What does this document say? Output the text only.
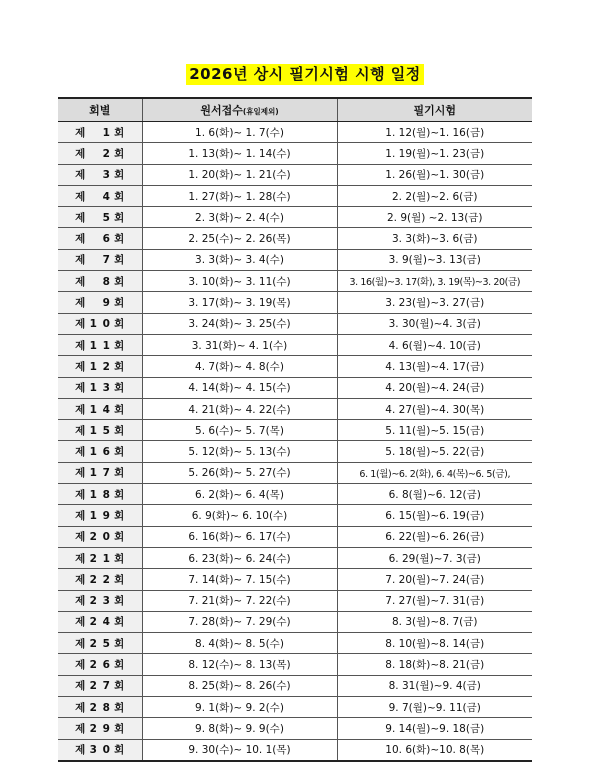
2026년 상시 필기시험 시행 일정
회별	원서접수(휴일제외)	필기시험
제 1 회	1. 6(화)~ 1. 7(수)	1. 12(월)~1. 16(금)
제 2 회	1. 13(화)~ 1. 14(수)	1. 19(월)~1. 23(금)
제 3 회	1. 20(화)~ 1. 21(수)	1. 26(월)~1. 30(금)
제 4 회	1. 27(화)~ 1. 28(수)	2. 2(월)~2. 6(금)
제 5 회	2. 3(화)~ 2. 4(수)	2. 9(월) ~2. 13(금)
제 6 회	2. 25(수)~ 2. 26(목)	3. 3(화)~3. 6(금)
제 7 회	3. 3(화)~ 3. 4(수)	3. 9(월)~3. 13(금)
제 8 회	3. 10(화)~ 3. 11(수)	3. 16(월)~3. 17(화), 3. 19(목)~3. 20(금)
제 9 회	3. 17(화)~ 3. 19(목)	3. 23(월)~3. 27(금)
제 1 0 회	3. 24(화)~ 3. 25(수)	3. 30(월)~4. 3(금)
제 1 1 회	3. 31(화)~ 4. 1(수)	4. 6(월)~4. 10(금)
제 1 2 회	4. 7(화)~ 4. 8(수)	4. 13(월)~4. 17(금)
제 1 3 회	4. 14(화)~ 4. 15(수)	4. 20(월)~4. 24(금)
제 1 4 회	4. 21(화)~ 4. 22(수)	4. 27(월)~4. 30(목)
제 1 5 회	5. 6(수)~ 5. 7(목)	5. 11(월)~5. 15(금)
제 1 6 회	5. 12(화)~ 5. 13(수)	5. 18(월)~5. 22(금)
제 1 7 회	5. 26(화)~ 5. 27(수)	6. 1(월)~6. 2(화), 6. 4(목)~6. 5(금),
제 1 8 회	6. 2(화)~ 6. 4(목)	6. 8(월)~6. 12(금)
제 1 9 회	6. 9(화)~ 6. 10(수)	6. 15(월)~6. 19(금)
제 2 0 회	6. 16(화)~ 6. 17(수)	6. 22(월)~6. 26(금)
제 2 1 회	6. 23(화)~ 6. 24(수)	6. 29(월)~7. 3(금)
제 2 2 회	7. 14(화)~ 7. 15(수)	7. 20(월)~7. 24(금)
제 2 3 회	7. 21(화)~ 7. 22(수)	7. 27(월)~7. 31(금)
제 2 4 회	7. 28(화)~ 7. 29(수)	8. 3(월)~8. 7(금)
제 2 5 회	8. 4(화)~ 8. 5(수)	8. 10(월)~8. 14(금)
제 2 6 회	8. 12(수)~ 8. 13(목)	8. 18(화)~8. 21(금)
제 2 7 회	8. 25(화)~ 8. 26(수)	8. 31(월)~9. 4(금)
제 2 8 회	9. 1(화)~ 9. 2(수)	9. 7(월)~9. 11(금)
제 2 9 회	9. 8(화)~ 9. 9(수)	9. 14(월)~9. 18(금)
제 3 0 회	9. 30(수)~ 10. 1(목)	10. 6(화)~10. 8(목)
